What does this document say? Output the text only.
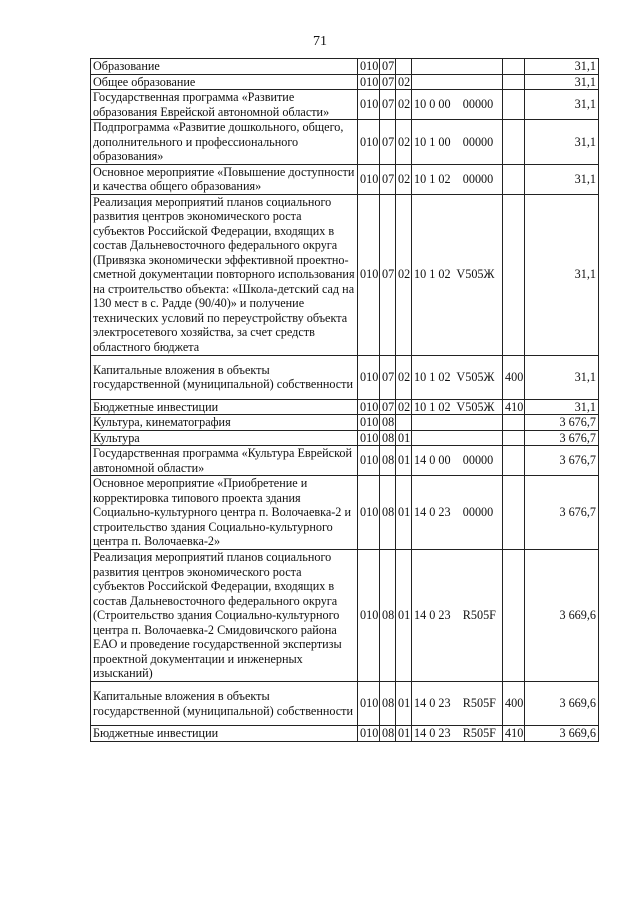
71
Образование	010	07				31,1
Общее образование	010	07	02			31,1
Государственная программа «Развитие образования Еврейской автономной области»	010	07	02	10 0 00    00000		31,1
Подпрограмма «Развитие дошкольного, общего, дополнительного и профессионального образования»	010	07	02	10 1 00    00000		31,1
Основное мероприятие «Повышение доступности и качества общего образования»	010	07	02	10 1 02    00000		31,1
Реализация мероприятий планов социального развития центров экономического роста субъектов Российской Федерации, входящих в состав Дальневосточного федерального округа (Привязка экономически эффективной проектно-сметной документации повторного использования на строительство объекта: «Школа-детский сад на 130 мест в с. Радде (90/40)» и получение технических условий по переустройству объекта электросетевого хозяйства, за счет средств областного бюджета	010	07	02	10 1 02  V505Ж		31,1
Капитальные вложения в объекты государственной (муниципальной) собственности	010	07	02	10 1 02  V505Ж	400	31,1
Бюджетные инвестиции	010	07	02	10 1 02  V505Ж	410	31,1
Культура, кинематография	010	08				3 676,7
Культура	010	08	01			3 676,7
Государственная программа «Культура Еврейской автономной области»	010	08	01	14 0 00    00000		3 676,7
Основное мероприятие «Приобретение и корректировка типового проекта здания Социально-культурного центра п. Волочаевка-2 и строительство здания Социально-культурного центра п. Волочаевка-2»	010	08	01	14 0 23    00000		3 676,7
Реализация мероприятий планов социального развития центров экономического роста субъектов Российской Федерации, входящих в состав Дальневосточного федерального округа (Строительство здания Социально-культурного центра п. Волочаевка-2 Смидовичского района ЕАО и проведение государственной экспертизы проектной документации и инженерных изысканий)	010	08	01	14 0 23    R505F		3 669,6
Капитальные вложения в объекты государственной (муниципальной) собственности	010	08	01	14 0 23    R505F	400	3 669,6
Бюджетные инвестиции	010	08	01	14 0 23    R505F	410	3 669,6
